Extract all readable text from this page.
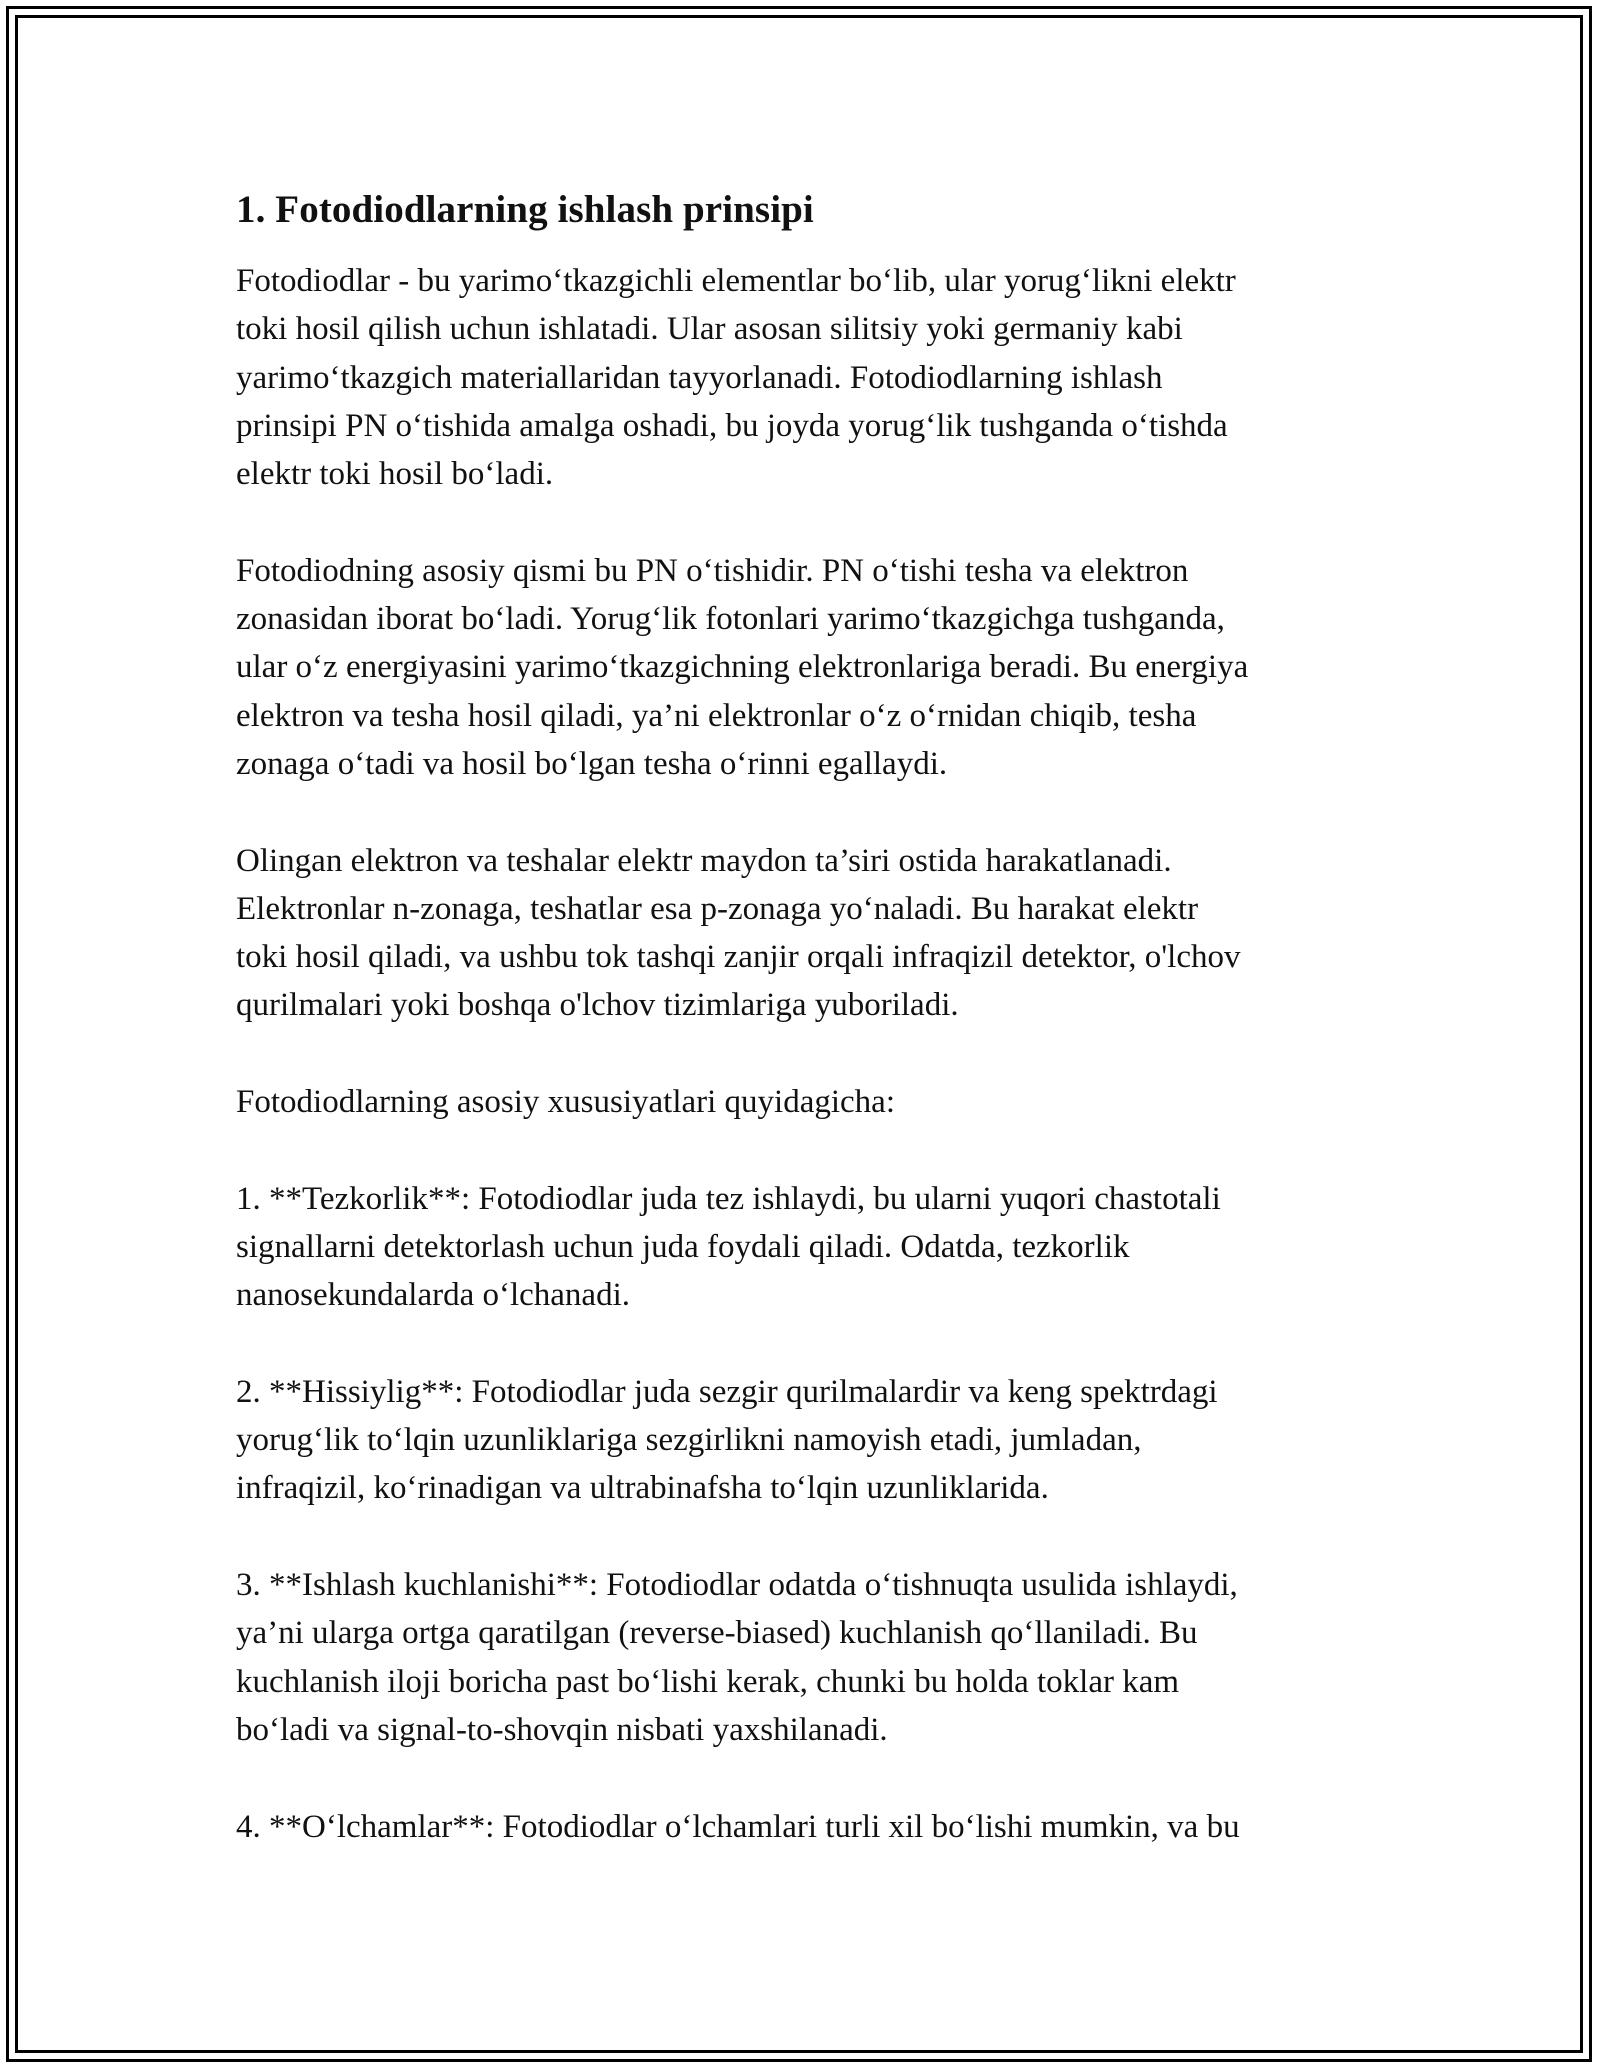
1. Fotodiodlarning ishlash prinsipi

Fotodiodlar - bu yarimo‘tkazgichli elementlar bo‘lib, ular yorug‘likni elektr
toki hosil qilish uchun ishlatadi. Ular asosan silitsiy yoki germaniy kabi
yarimo‘tkazgich materiallaridan tayyorlanadi. Fotodiodlarning ishlash
prinsipi PN o‘tishida amalga oshadi, bu joyda yorug‘lik tushganda o‘tishda
elektr toki hosil bo‘ladi.

Fotodiodning asosiy qismi bu PN o‘tishidir. PN o‘tishi tesha va elektron
zonasidan iborat bo‘ladi. Yorug‘lik fotonlari yarimo‘tkazgichga tushganda,
ular o‘z energiyasini yarimo‘tkazgichning elektronlariga beradi. Bu energiya
elektron va tesha hosil qiladi, ya’ni elektronlar o‘z o‘rnidan chiqib, tesha
zonaga o‘tadi va hosil bo‘lgan tesha o‘rinni egallaydi.

Olingan elektron va teshalar elektr maydon ta’siri ostida harakatlanadi.
Elektronlar n-zonaga, teshatlar esa p-zonaga yo‘naladi. Bu harakat elektr
toki hosil qiladi, va ushbu tok tashqi zanjir orqali infraqizil detektor, o'lchov
qurilmalari yoki boshqa o'lchov tizimlariga yuboriladi.

Fotodiodlarning asosiy xususiyatlari quyidagicha:

1. **Tezkorlik**: Fotodiodlar juda tez ishlaydi, bu ularni yuqori chastotali
signallarni detektorlash uchun juda foydali qiladi. Odatda, tezkorlik
nanosekundalarda o‘lchanadi.

2. **Hissiylig**: Fotodiodlar juda sezgir qurilmalardir va keng spektrdagi
yorug‘lik to‘lqin uzunliklariga sezgirlikni namoyish etadi, jumladan,
infraqizil, ko‘rinadigan va ultrabinafsha to‘lqin uzunliklarida.

3. **Ishlash kuchlanishi**: Fotodiodlar odatda o‘tishnuqta usulida ishlaydi,
ya’ni ularga ortga qaratilgan (reverse-biased) kuchlanish qo‘llaniladi. Bu
kuchlanish iloji boricha past bo‘lishi kerak, chunki bu holda toklar kam
bo‘ladi va signal-to-shovqin nisbati yaxshilanadi.

4. **O‘lchamlar**: Fotodiodlar o‘lchamlari turli xil bo‘lishi mumkin, va bu
